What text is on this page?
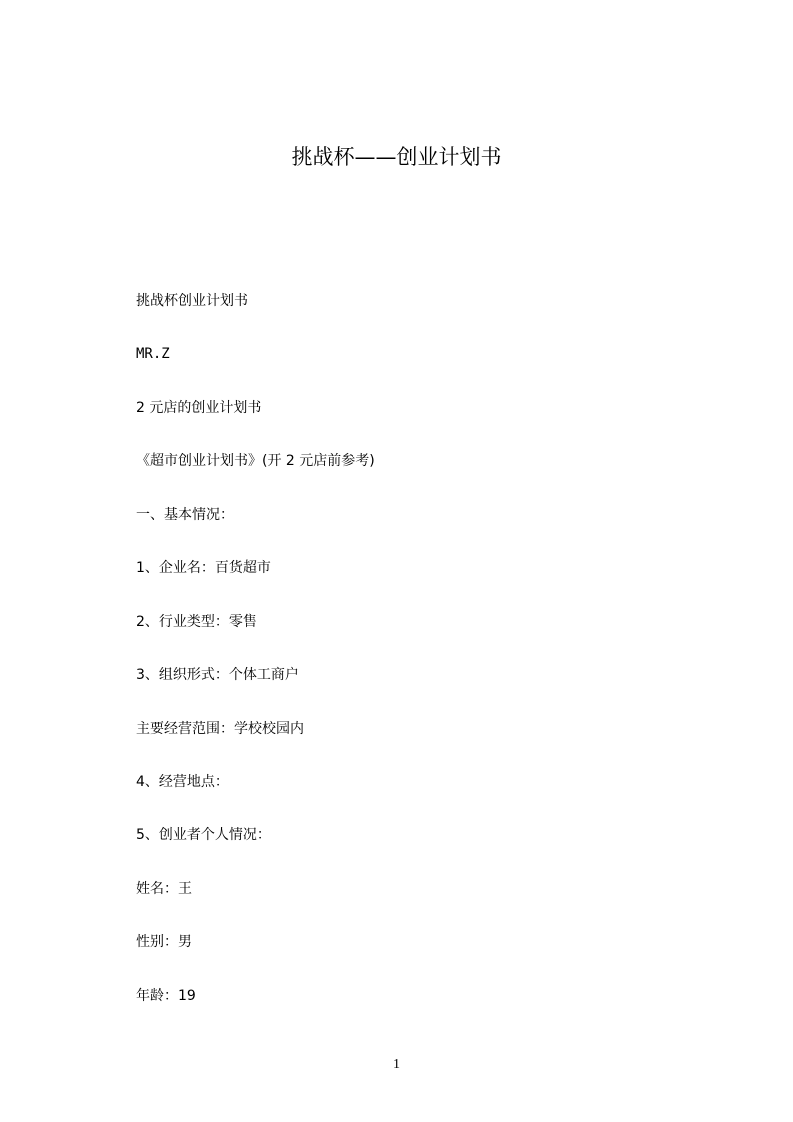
挑战杯——创业计划书
挑战杯创业计划书
MR.Z
2 元店的创业计划书
《超市创业计划书》(开 2 元店前参考)
一、基本情况：
1、企业名：百货超市
2、行业类型：零售
3、组织形式：个体工商户
主要经营范围：学校校园内
4、经营地点：
5、创业者个人情况：
姓名：王
性别：男
年龄：19
1
